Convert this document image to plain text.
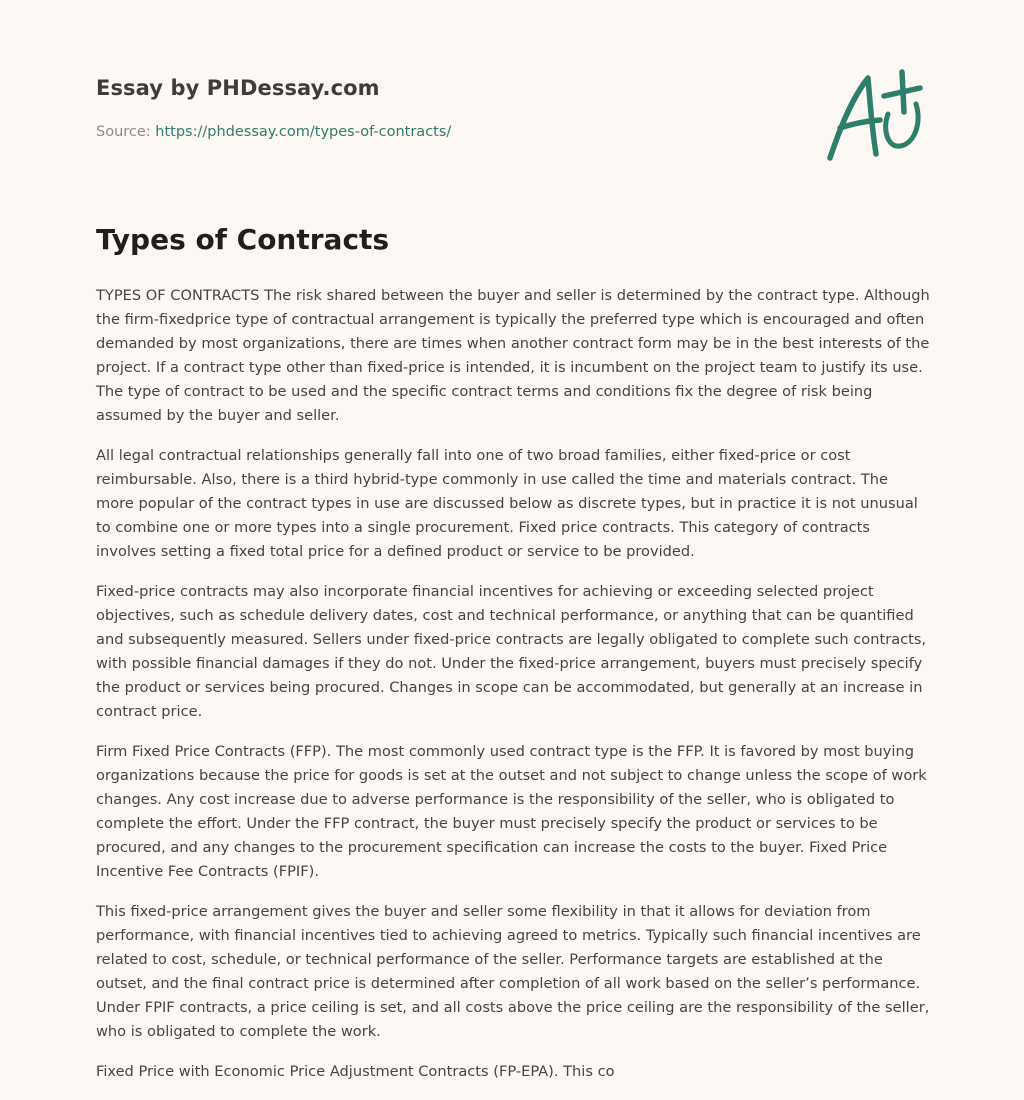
Essay by PHDessay.com
Source: https://phdessay.com/types-of-contracts/
Types of Contracts

TYPES OF CONTRACTS The risk shared between the buyer and seller is determined by the contract type. Although the firm-fixedprice type of contractual arrangement is typically the preferred type which is encouraged and often demanded by most organizations, there are times when another contract form may be in the best interests of the project. If a contract type other than fixed-price is intended, it is incumbent on the project team to justify its use. The type of contract to be used and the specific contract terms and conditions fix the degree of risk being assumed by the buyer and seller.

All legal contractual relationships generally fall into one of two broad families, either fixed-price or cost reimbursable. Also, there is a third hybrid-type commonly in use called the time and materials contract. The more popular of the contract types in use are discussed below as discrete types, but in practice it is not unusual to combine one or more types into a single procurement. Fixed price contracts. This category of contracts involves setting a fixed total price for a defined product or service to be provided.

Fixed-price contracts may also incorporate financial incentives for achieving or exceeding selected project objectives, such as schedule delivery dates, cost and technical performance, or anything that can be quantified and subsequently measured. Sellers under fixed-price contracts are legally obligated to complete such contracts, with possible financial damages if they do not. Under the fixed-price arrangement, buyers must precisely specify the product or services being procured. Changes in scope can be accommodated, but generally at an increase in contract price.

Firm Fixed Price Contracts (FFP). The most commonly used contract type is the FFP. It is favored by most buying organizations because the price for goods is set at the outset and not subject to change unless the scope of work changes. Any cost increase due to adverse performance is the responsibility of the seller, who is obligated to complete the effort. Under the FFP contract, the buyer must precisely specify the product or services to be procured, and any changes to the procurement specification can increase the costs to the buyer. Fixed Price Incentive Fee Contracts (FPIF).

This fixed-price arrangement gives the buyer and seller some flexibility in that it allows for deviation from performance, with financial incentives tied to achieving agreed to metrics. Typically such financial incentives are related to cost, schedule, or technical performance of the seller. Performance targets are established at the outset, and the final contract price is determined after completion of all work based on the seller’s performance. Under FPIF contracts, a price ceiling is set, and all costs above the price ceiling are the responsibility of the seller, who is obligated to complete the work.

Fixed Price with Economic Price Adjustment Contracts (FP-EPA). This co
